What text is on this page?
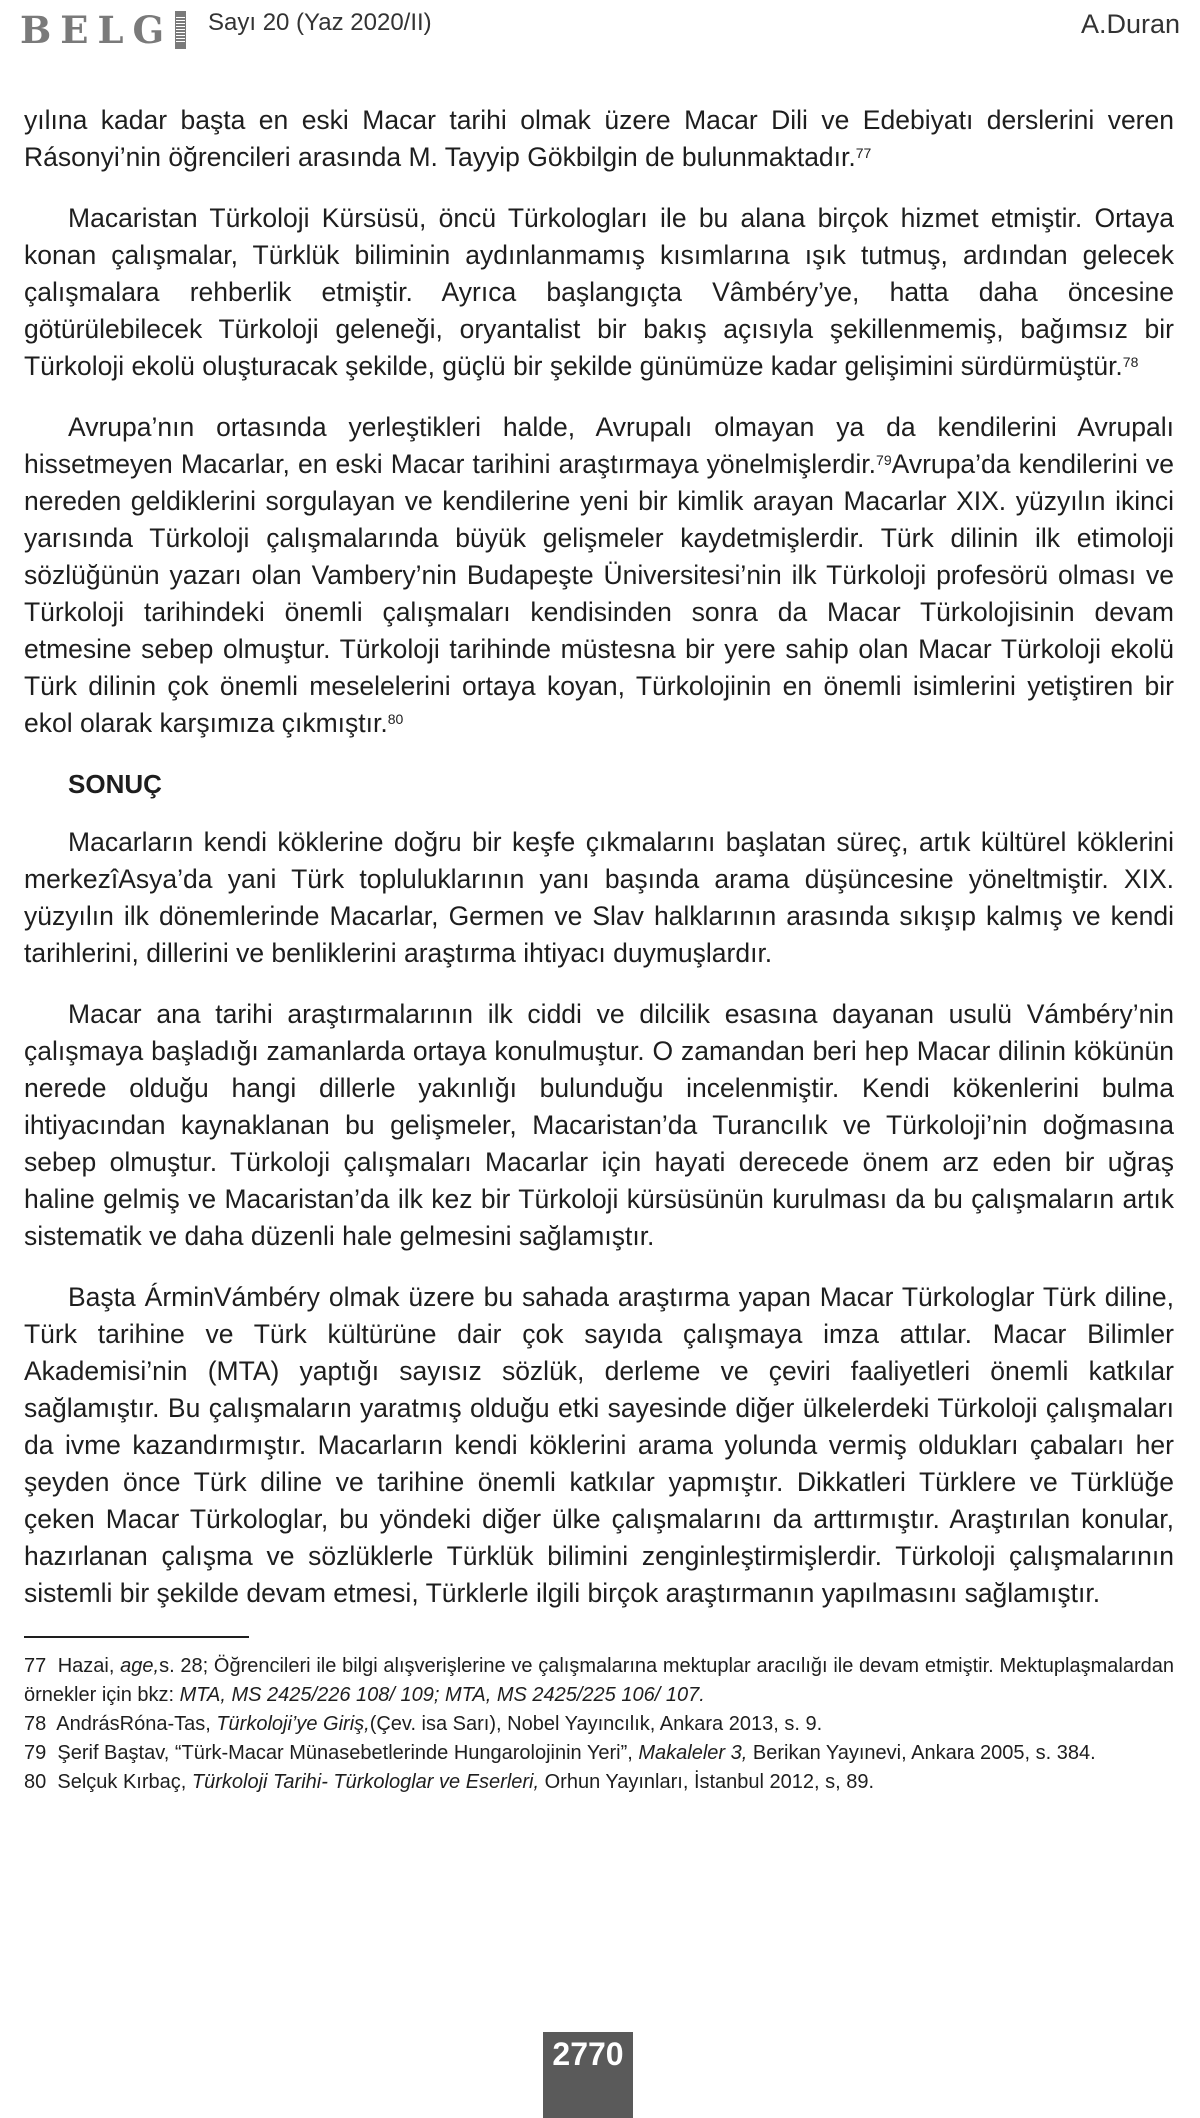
BELG Sayı 20 (Yaz 2020/II)	A.Duran

yılına kadar başta en eski Macar tarihi olmak üzere Macar Dili ve Edebiyatı derslerini veren Rásonyi’nin öğrencileri arasında M. Tayyip Gökbilgin de bulunmaktadır.$^{77}$

Macaristan Türkoloji Kürsüsü, öncü Türkologları ile bu alana birçok hizmet etmiştir. Ortaya konan çalışmalar, Türklük biliminin aydınlanmamış kısımlarına ışık tutmuş, ardından gelecek çalışmalara rehberlik etmiştir. Ayrıca başlangıçta Vâmbéry’ye, hatta daha öncesine götürülebilecek Türkoloji geleneği, oryantalist bir bakış açısıyla şekillenmemiş, bağımsız bir Türkoloji ekolü oluşturacak şekilde, güçlü bir şekilde günümüze kadar gelişimini sürdürmüştür.$^{78}$

Avrupa’nın ortasında yerleştikleri halde, Avrupalı olmayan ya da kendilerini Avrupalı hissetmeyen Macarlar, en eski Macar tarihini araştırmaya yönelmişlerdir.$^{79}$Avrupa’da kendilerini ve nereden geldiklerini sorgulayan ve kendilerine yeni bir kimlik arayan Macarlar XIX. yüzyılın ikinci yarısında Türkoloji çalışmalarında büyük gelişmeler kaydetmişlerdir. Türk dilinin ilk etimoloji sözlüğünün yazarı olan Vambery’nin Budapeşte Üniversitesi’nin ilk Türkoloji profesörü olması ve Türkoloji tarihindeki önemli çalışmaları kendisinden sonra da Macar Türkolojisinin devam etmesine sebep olmuştur. Türkoloji tarihinde müstesna bir yere sahip olan Macar Türkoloji ekolü Türk dilinin çok önemli meselelerini ortaya koyan, Türkolojinin en önemli isimlerini yetiştiren bir ekol olarak karşımıza çıkmıştır.$^{80}$

SONUÇ

Macarların kendi köklerine doğru bir keşfe çıkmalarını başlatan süreç, artık kültürel köklerini merkezîAsya’da yani Türk topluluklarının yanı başında arama düşüncesine yöneltmiştir. XIX. yüzyılın ilk dönemlerinde Macarlar, Germen ve Slav halklarının arasında sıkışıp kalmış ve kendi tarihlerini, dillerini ve benliklerini araştırma ihtiyacı duymuşlardır.

Macar ana tarihi araştırmalarının ilk ciddi ve dilcilik esasına dayanan usulü Vámbéry’nin çalışmaya başladığı zamanlarda ortaya konulmuştur. O zamandan beri hep Macar dilinin kökünün nerede olduğu hangi dillerle yakınlığı bulunduğu incelenmiştir. Kendi kökenlerini bulma ihtiyacından kaynaklanan bu gelişmeler, Macaristan’da Turancılık ve Türkoloji’nin doğmasına sebep olmuştur. Türkoloji çalışmaları Macarlar için hayati derecede önem arz eden bir uğraş haline gelmiş ve Macaristan’da ilk kez bir Türkoloji kürsüsünün kurulması da bu çalışmaların artık sistematik ve daha düzenli hale gelmesini sağlamıştır.

Başta ÁrminVámbéry olmak üzere bu sahada araştırma yapan Macar Türkologlar Türk diline, Türk tarihine ve Türk kültürüne dair çok sayıda çalışmaya imza attılar. Macar Bilimler Akademisi’nin (MTA) yaptığı sayısız sözlük, derleme ve çeviri faaliyetleri önemli katkılar sağlamıştır. Bu çalışmaların yaratmış olduğu etki sayesinde diğer ülkelerdeki Türkoloji çalışmaları da ivme kazandırmıştır. Macarların kendi köklerini arama yolunda vermiş oldukları çabaları her şeyden önce Türk diline ve tarihine önemli katkılar yapmıştır. Dikkatleri Türklere ve Türklüğe çeken Macar Türkologlar, bu yöndeki diğer ülke çalışmalarını da arttırmıştır. Araştırılan konular, hazırlanan çalışma ve sözlüklerle Türklük bilimini zenginleştirmişlerdir. Türkoloji çalışmalarının sistemli bir şekilde devam etmesi, Türklerle ilgili birçok araştırmanın yapılmasını sağlamıştır.

77 Hazai, age,s. 28; Öğrencileri ile bilgi alışverişlerine ve çalışmalarına mektuplar aracılığı ile devam etmiştir. Mektuplaşmalardan örnekler için bkz: MTA, MS 2425/226 108/ 109; MTA, MS 2425/225 106/ 107.
78 AndrásRóna-Tas, Türkoloji’ye Giriş,(Çev. isa Sarı), Nobel Yayıncılık, Ankara 2013, s. 9.
79 Şerif Baştav, “Türk-Macar Münasebetlerinde Hungarolojinin Yeri”, Makaleler 3, Berikan Yayınevi, Ankara 2005, s. 384.
80 Selçuk Kırbaç, Türkoloji Tarihi- Türkologlar ve Eserleri, Orhun Yayınları, İstanbul 2012, s, 89.
2770
